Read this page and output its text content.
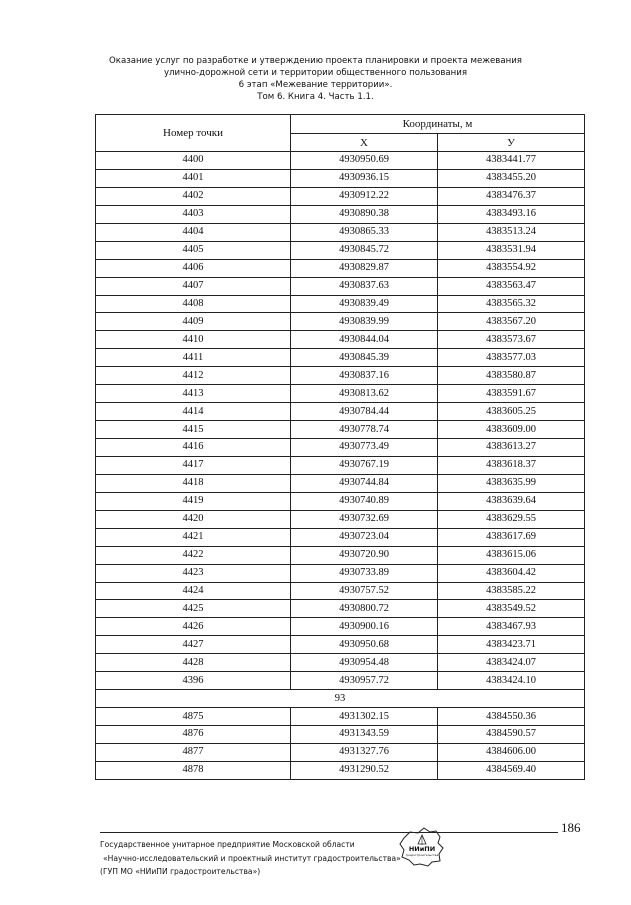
Оказание услуг по разработке и утверждению проекта планировки и проекта межевания
улично-дорожной сети и территории общественного пользования
6 этап «Межевание территории».
Том 6. Книга 4. Часть 1.1.
Номер точки	Координаты, м	
	X	У
4400	4930950.69	4383441.77
4401	4930936.15	4383455.20
4402	4930912.22	4383476.37
4403	4930890.38	4383493.16
4404	4930865.33	4383513.24
4405	4930845.72	4383531.94
4406	4930829.87	4383554.92
4407	4930837.63	4383563.47
4408	4930839.49	4383565.32
4409	4930839.99	4383567.20
4410	4930844.04	4383573.67
4411	4930845.39	4383577.03
4412	4930837.16	4383580.87
4413	4930813.62	4383591.67
4414	4930784.44	4383605.25
4415	4930778.74	4383609.00
4416	4930773.49	4383613.27
4417	4930767.19	4383618.37
4418	4930744.84	4383635.99
4419	4930740.89	4383639.64
4420	4930732.69	4383629.55
4421	4930723.04	4383617.69
4422	4930720.90	4383615.06
4423	4930733.89	4383604.42
4424	4930757.52	4383585.22
4425	4930800.72	4383549.52
4426	4930900.16	4383467.93
4427	4930950.68	4383423.71
4428	4930954.48	4383424.07
4396	4930957.72	4383424.10
93		
4875	4931302.15	4384550.36
4876	4931343.59	4384590.57
4877	4931327.76	4384606.00
4878	4931290.52	4384569.40
186
Государственное унитарное предприятие Московской области
«Научно-исследовательский и проектный институт градостроительства»
(ГУП МО «НИиПИ градостроительства»)
НИиПИ
градостроительства
